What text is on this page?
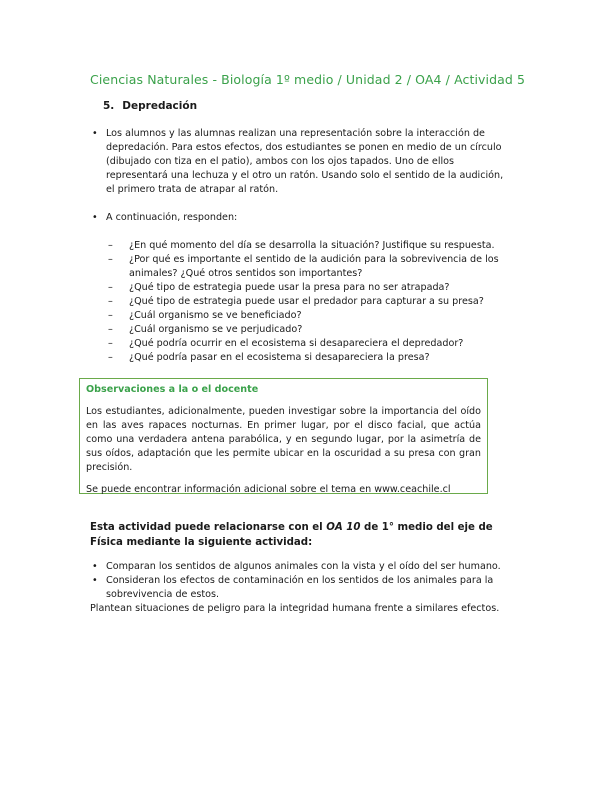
Ciencias Naturales - Biología 1º medio / Unidad 2 / OA4 / Actividad 5
5. Depredación
• Los alumnos y las alumnas realizan una representación sobre la interacción de depredación. Para estos efectos, dos estudiantes se ponen en medio de un círculo (dibujado con tiza en el patio), ambos con los ojos tapados. Uno de ellos representará una lechuza y el otro un ratón. Usando solo el sentido de la audición, el primero trata de atrapar al ratón.
• A continuación, responden:
– ¿En qué momento del día se desarrolla la situación? Justifique su respuesta.
– ¿Por qué es importante el sentido de la audición para la sobrevivencia de los animales? ¿Qué otros sentidos son importantes?
– ¿Qué tipo de estrategia puede usar la presa para no ser atrapada?
– ¿Qué tipo de estrategia puede usar el predador para capturar a su presa?
– ¿Cuál organismo se ve beneficiado?
– ¿Cuál organismo se ve perjudicado?
– ¿Qué podría ocurrir en el ecosistema si desapareciera el depredador?
– ¿Qué podría pasar en el ecosistema si desapareciera la presa?
Observaciones a la o el docente
Los estudiantes, adicionalmente, pueden investigar sobre la importancia del oído en las aves rapaces nocturnas. En primer lugar, por el disco facial, que actúa como una verdadera antena parabólica, y en segundo lugar, por la asimetría de sus oídos, adaptación que les permite ubicar en la oscuridad a su presa con gran precisión.
Se puede encontrar información adicional sobre el tema en www.ceachile.cl
Esta actividad puede relacionarse con el OA 10 de 1° medio del eje de Física mediante la siguiente actividad:
• Comparan los sentidos de algunos animales con la vista y el oído del ser humano.
• Consideran los efectos de contaminación en los sentidos de los animales para la sobrevivencia de estos.
Plantean situaciones de peligro para la integridad humana frente a similares efectos.
